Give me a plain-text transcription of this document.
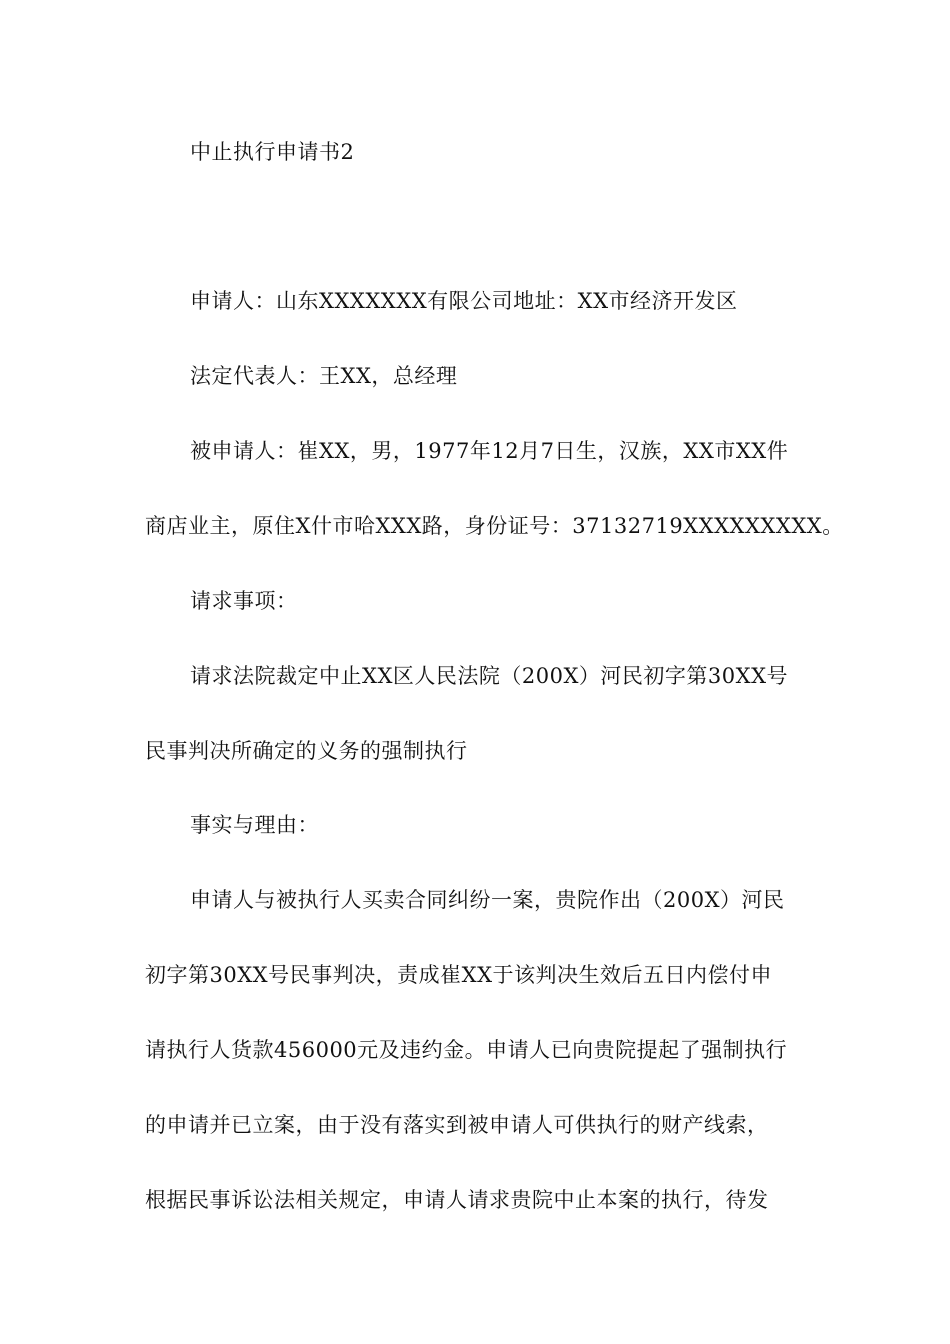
中止执行申请书2
申请人：山东XXXXXXX有限公司地址：XX市经济开发区
法定代表人：王XX，总经理
被申请人：崔XX，男，1977年12月7日生，汉族，XX市XX件
商店业主，原住X什市哈XXX路，身份证号：37132719XXXXXXXXX。
请求事项：
请求法院裁定中止XX区人民法院（200X）河民初字第30XX号
民事判决所确定的义务的强制执行
事实与理由：
申请人与被执行人买卖合同纠纷一案，贵院作出（200X）河民
初字第30XX号民事判决，责成崔XX于该判决生效后五日内偿付申
请执行人货款456000元及违约金。申请人已向贵院提起了强制执行
的申请并已立案，由于没有落实到被申请人可供执行的财产线索，
根据民事诉讼法相关规定，申请人请求贵院中止本案的执行，待发
